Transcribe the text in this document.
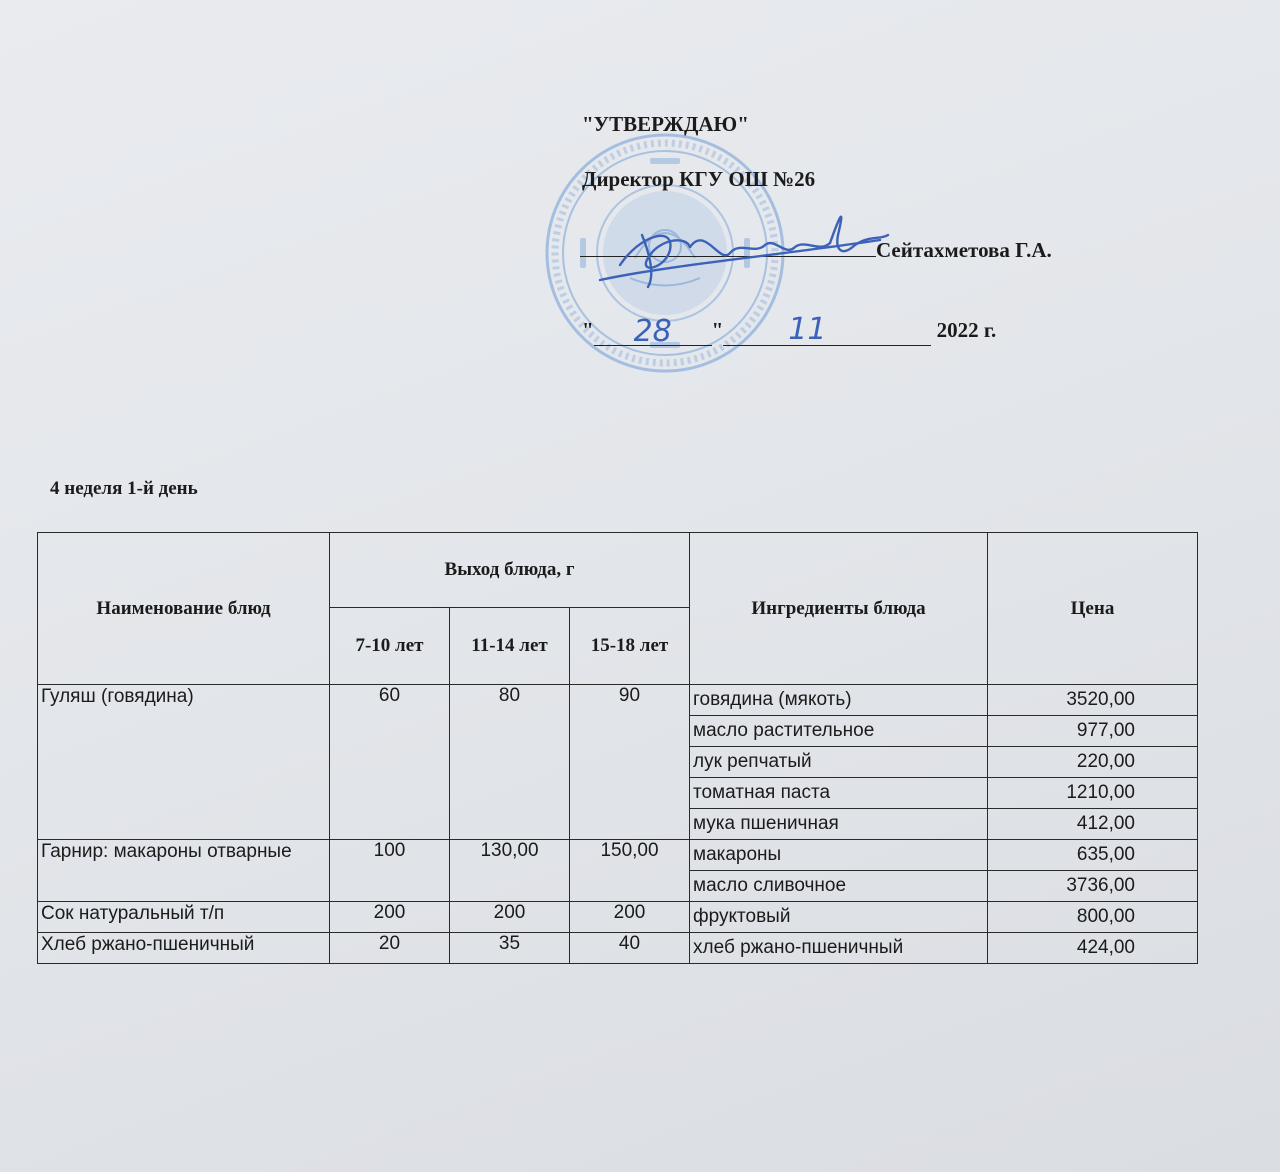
"УТВЕРЖДАЮ"
Директор КГУ ОШ №26
Сейтахметова Г.А.
" 28 " 11	2022 г.
4 неделя 1-й день
Наименование блюд	Выход блюда, г			Ингредиенты блюда	Цена
	7-10 лет	11-14 лет	15-18 лет		
Гуляш (говядина)	60	80	90	говядина (мякоть)	3520,00
				масло растительное	977,00
				лук репчатый	220,00
				томатная паста	1210,00
				мука пшеничная	412,00
Гарнир: макароны отварные	100	130,00	150,00	макароны	635,00
				масло сливочное	3736,00
Сок натуральный т/п	200	200	200	фруктовый	800,00
Хлеб ржано-пшеничный	20	35	40	хлеб ржано-пшеничный	424,00
